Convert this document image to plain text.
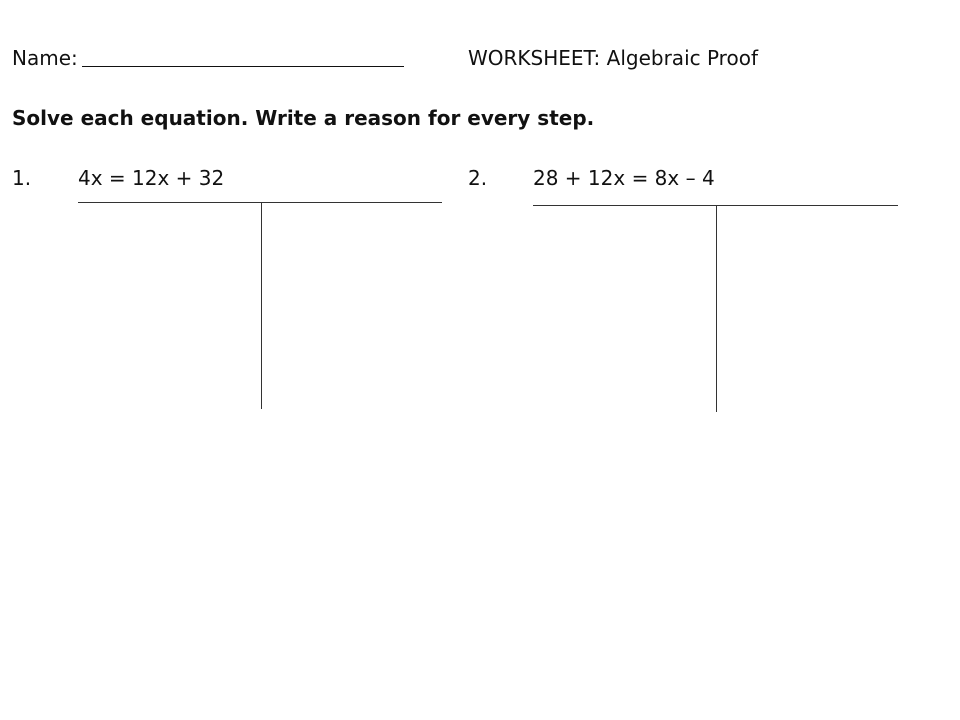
Name:	WORKSHEET: Algebraic Proof
Solve each equation. Write a reason for every step.
1. 4x = 12x + 32	2. 28 + 12x = 8x – 4
